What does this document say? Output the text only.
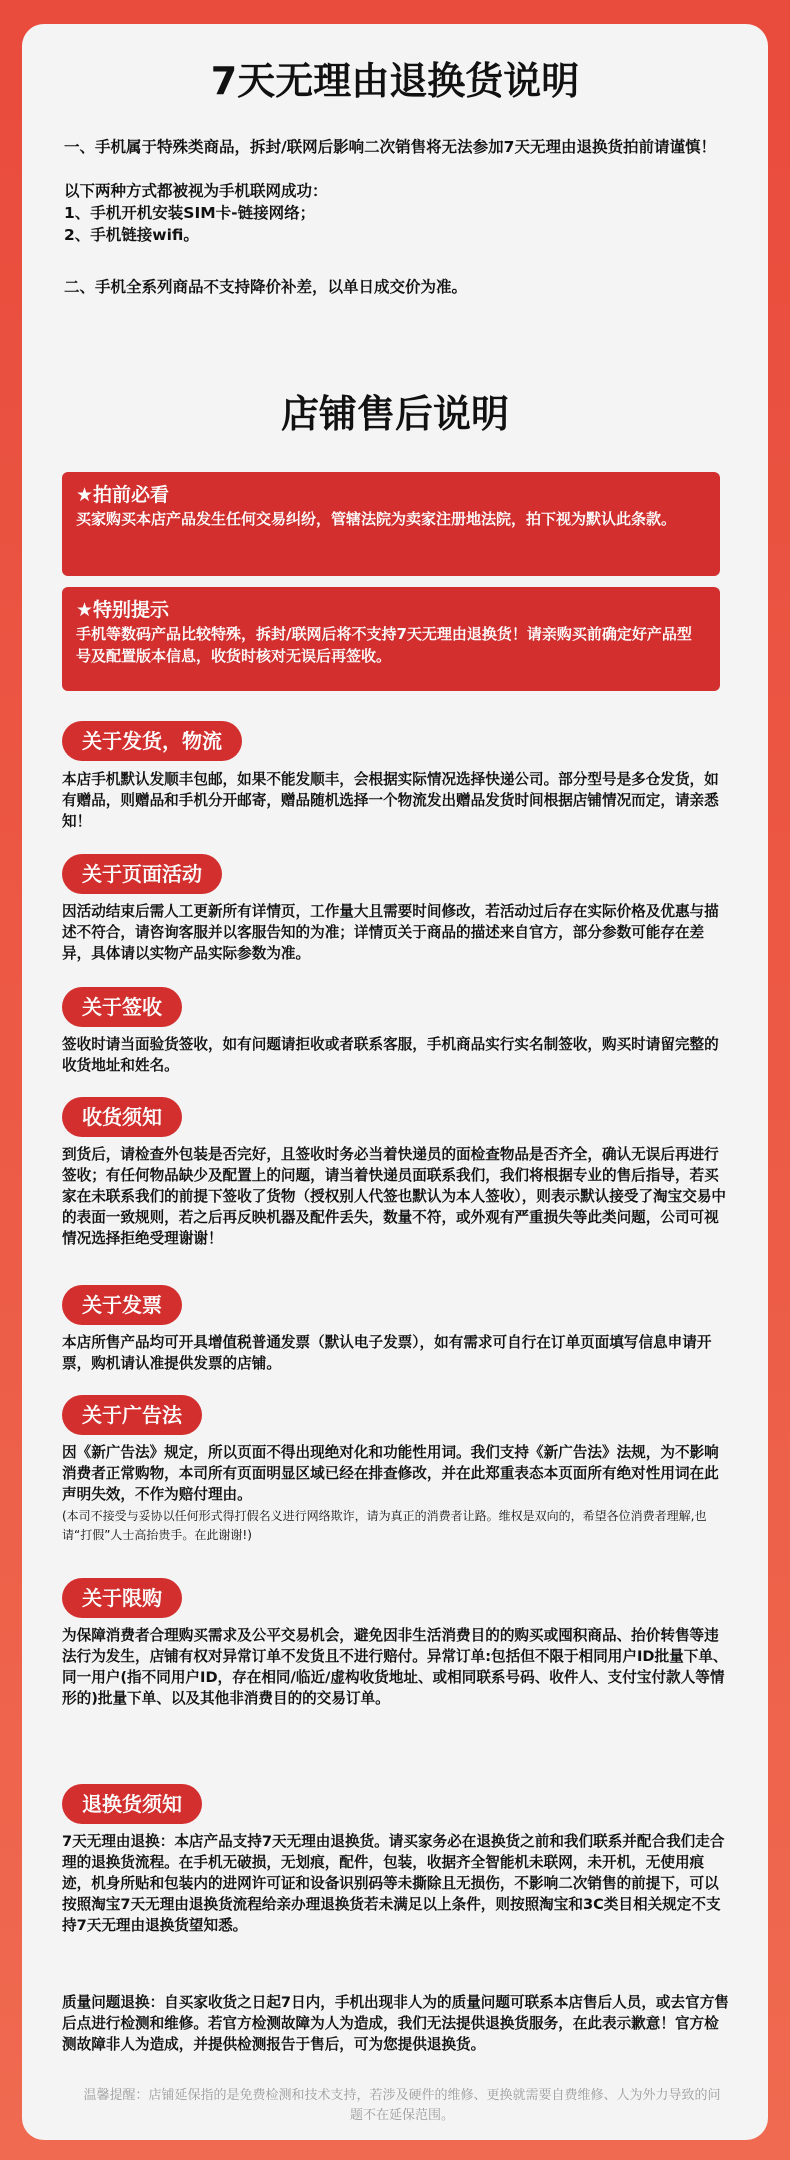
7天无理由退换货说明
一、手机属于特殊类商品，拆封/联网后影响二次销售将无法参加7天无理由退换货拍前请谨慎！
以下两种方式都被视为手机联网成功：
1、手机开机安装SIM卡-链接网络；
2、手机链接wifi。
二、手机全系列商品不支持降价补差，以单日成交价为准。
店铺售后说明
★拍前必看
买家购买本店产品发生任何交易纠纷，管辖法院为卖家注册地法院，拍下视为默认此条款。
★特别提示
手机等数码产品比较特殊，拆封/联网后将不支持7天无理由退换货！请亲购买前确定好产品型号及配置版本信息，收货时核对无误后再签收。
关于发货，物流
本店手机默认发顺丰包邮，如果不能发顺丰，会根据实际情况选择快递公司。部分型号是多仓发货，如有赠品，则赠品和手机分开邮寄，赠品随机选择一个物流发出赠品发货时间根据店铺情况而定，请亲悉知！
关于页面活动
因活动结束后需人工更新所有详情页，工作量大且需要时间修改，若活动过后存在实际价格及优惠与描述不符合，请咨询客服并以客服告知的为准；详情页关于商品的描述来自官方，部分参数可能存在差异，具体请以实物产品实际参数为准。
关于签收
签收时请当面验货签收，如有问题请拒收或者联系客服，手机商品实行实名制签收，购买时请留完整的收货地址和姓名。
收货须知
到货后，请检查外包装是否完好，且签收时务必当着快递员的面检查物品是否齐全，确认无误后再进行签收；有任何物品缺少及配置上的问题，请当着快递员面联系我们，我们将根据专业的售后指导，若买家在未联系我们的前提下签收了货物（授权别人代签也默认为本人签收），则表示默认接受了淘宝交易中的表面一致规则，若之后再反映机器及配件丢失，数量不符，或外观有严重损失等此类问题，公司可视情况选择拒绝受理谢谢！
关于发票
本店所售产品均可开具增值税普通发票（默认电子发票），如有需求可自行在订单页面填写信息申请开票，购机请认准提供发票的店铺。
关于广告法
因《新广告法》规定，所以页面不得出现绝对化和功能性用词。我们支持《新广告法》法规，为不影响消费者正常购物，本司所有页面明显区域已经在排查修改，并在此郑重表态本页面所有绝对性用词在此声明失效，不作为赔付理由。
(本司不接受与妥协以任何形式得打假名义进行网络欺诈，请为真正的消费者让路。维权是双向的，希望各位消费者理解,也请“打假”人士高抬贵手。在此谢谢!)
关于限购
为保障消费者合理购买需求及公平交易机会，避免因非生活消费目的的购买或囤积商品、抬价转售等违法行为发生，店铺有权对异常订单不发货且不进行赔付。异常订单:包括但不限于相同用户ID批量下单、同一用户(指不同用户ID，存在相同/临近/虚构收货地址、或相同联系号码、收件人、支付宝付款人等情形的)批量下单、以及其他非消费目的的交易订单。
退换货须知
7天无理由退换：本店产品支持7天无理由退换货。请买家务必在退换货之前和我们联系并配合我们走合理的退换货流程。在手机无破损，无划痕，配件，包装，收据齐全智能机未联网，未开机，无使用痕迹，机身所贴和包装内的进网许可证和设备识别码等未撕除且无损伤，不影响二次销售的前提下，可以按照淘宝7天无理由退换货流程给亲办理退换货若未满足以上条件，则按照淘宝和3C类目相关规定不支持7天无理由退换货望知悉。
质量问题退换：自买家收货之日起7日内，手机出现非人为的质量问题可联系本店售后人员，或去官方售后点进行检测和维修。若官方检测故障为人为造成，我们无法提供退换货服务，在此表示歉意！官方检测故障非人为造成，并提供检测报告于售后，可为您提供退换货。
温馨提醒：店铺延保指的是免费检测和技术支持，若涉及硬件的维修、更换就需要自费维修、人为外力导致的问题不在延保范围。
